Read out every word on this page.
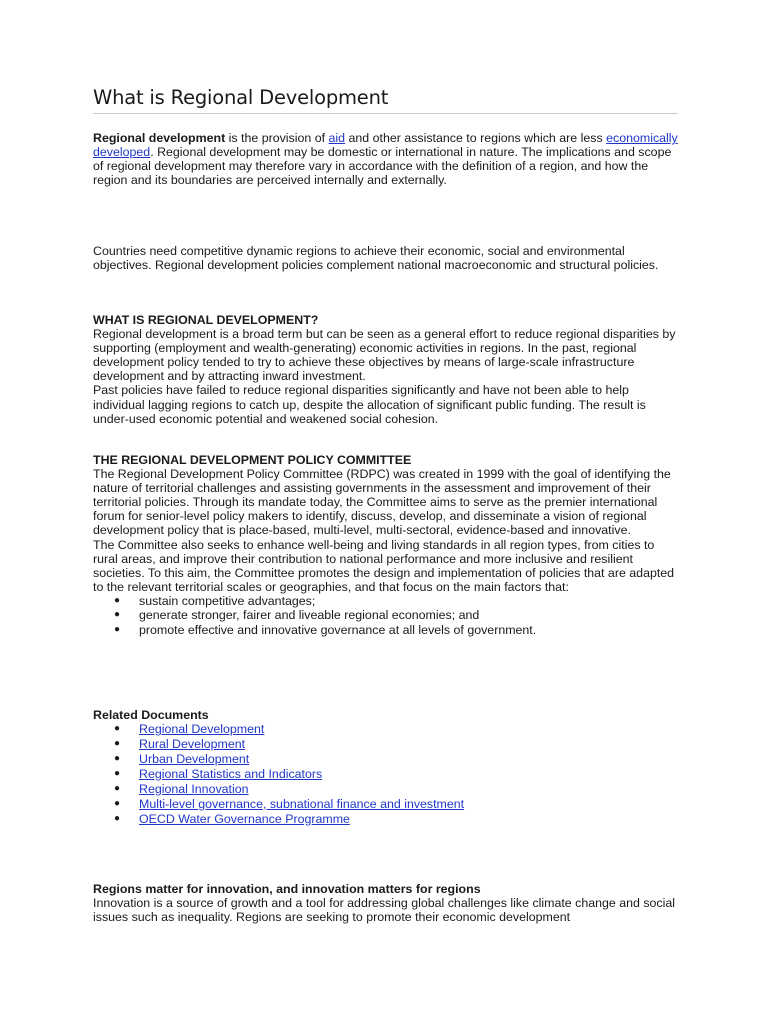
What is Regional Development

Regional development is the provision of aid and other assistance to regions which are less economically developed. Regional development may be domestic or international in nature. The implications and scope of regional development may therefore vary in accordance with the definition of a region, and how the region and its boundaries are perceived internally and externally.

Countries need competitive dynamic regions to achieve their economic, social and environmental objectives. Regional development policies complement national macroeconomic and structural policies.

WHAT IS REGIONAL DEVELOPMENT?

Regional development is a broad term but can be seen as a general effort to reduce regional disparities by supporting (employment and wealth-generating) economic activities in regions. In the past, regional development policy tended to try to achieve these objectives by means of large-scale infrastructure development and by attracting inward investment.

Past policies have failed to reduce regional disparities significantly and have not been able to help individual lagging regions to catch up, despite the allocation of significant public funding. The result is under-used economic potential and weakened social cohesion.

THE REGIONAL DEVELOPMENT POLICY COMMITTEE

The Regional Development Policy Committee (RDPC) was created in 1999 with the goal of identifying the nature of territorial challenges and assisting governments in the assessment and improvement of their territorial policies. Through its mandate today, the Committee aims to serve as the premier international forum for senior-level policy makers to identify, discuss, develop, and disseminate a vision of regional development policy that is place-based, multi-level, multi-sectoral, evidence-based and innovative.

The Committee also seeks to enhance well-being and living standards in all region types, from cities to rural areas, and improve their contribution to national performance and more inclusive and resilient societies. To this aim, the Committee promotes the design and implementation of policies that are adapted to the relevant territorial scales or geographies, and that focus on the main factors that:

● sustain competitive advantages;
● generate stronger, fairer and liveable regional economies; and
● promote effective and innovative governance at all levels of government.

Related Documents

● Regional Development
● Rural Development
● Urban Development
● Regional Statistics and Indicators
● Regional Innovation
● Multi-level governance, subnational finance and investment
● OECD Water Governance Programme

Regions matter for innovation, and innovation matters for regions

Innovation is a source of growth and a tool for addressing global challenges like climate change and social issues such as inequality. Regions are seeking to promote their economic development
